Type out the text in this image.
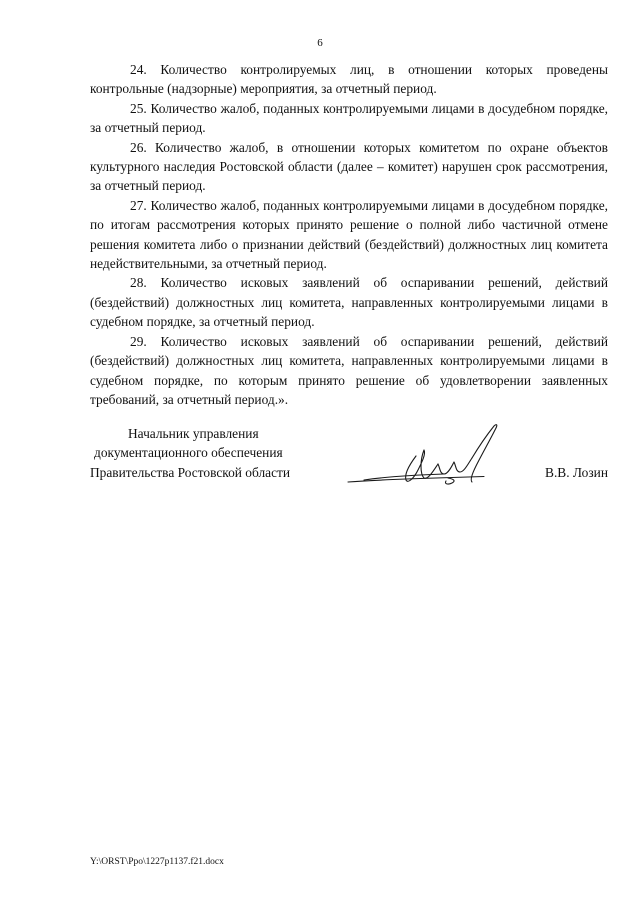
6

24. Количество контролируемых лиц, в отношении которых проведены контрольные (надзорные) мероприятия, за отчетный период.

25. Количество жалоб, поданных контролируемыми лицами в досудебном порядке, за отчетный период.

26. Количество жалоб, в отношении которых комитетом по охране объектов культурного наследия Ростовской области (далее – комитет) нарушен срок рассмотрения, за отчетный период.

27. Количество жалоб, поданных контролируемыми лицами в досудебном порядке, по итогам рассмотрения которых принято решение о полной либо частичной отмене решения комитета либо о признании действий (бездействий) должностных лиц комитета недействительными, за отчетный период.

28. Количество исковых заявлений об оспаривании решений, действий (бездействий) должностных лиц комитета, направленных контролируемыми лицами в судебном порядке, за отчетный период.

29. Количество исковых заявлений об оспаривании решений, действий (бездействий) должностных лиц комитета, направленных контролируемыми лицами в судебном порядке, по которым принято решение об удовлетворении заявленных требований, за отчетный период.».

Начальник управления
документационного обеспечения
Правительства Ростовской области	В.В. Лозин
Y:\ORST\Ppo\1227p1137.f21.docx
